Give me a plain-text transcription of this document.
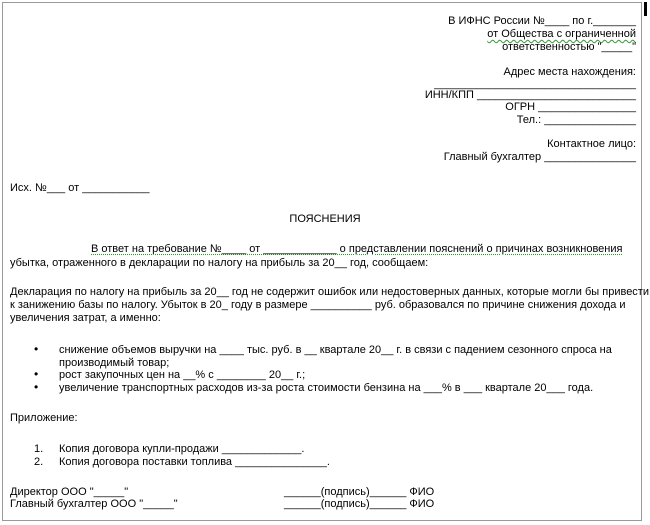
В ИФНС России №____ по г._______
от Общества с ограниченной
ответственностью "_____"
Адрес места нахождения:
_________________________________
ИНН/КПП __________________________
ОГРН ________________
Тел.: _______________
Контактное лицо:
Главный бухгалтер _______________
Исх. №___ от ___________
ПОЯСНЕНИЯ
В ответ на требование №____ от ____________ о представлении пояснений о причинах возникновения
убытка, отраженного в декларации по налогу на прибыль за 20__ год, сообщаем:
Декларация по налогу на прибыль за 20__ год не содержит ошибок или недостоверных данных, которые могли бы привести
к занижению базы по налогу. Убыток в 20_ году в размере __________ руб. образовался по причине снижения дохода и
увеличения затрат, а именно:
• снижение объемов выручки на ____ тыс. руб. в __ квартале 20__ г. в связи с падением сезонного спроса на
производимый товар;
• рост закупочных цен на __% с ________ 20__ г.;
• увеличение транспортных расходов из-за роста стоимости бензина на ___% в ___ квартале 20___ года.
Приложение:
1. Копия договора купли-продажи _____________.
2. Копия договора поставки топлива _______________.
Директор ООО "_____"	______(подпись)______ ФИО
Главный бухгалтер ООО "_____"	______(подпись)______ ФИО
